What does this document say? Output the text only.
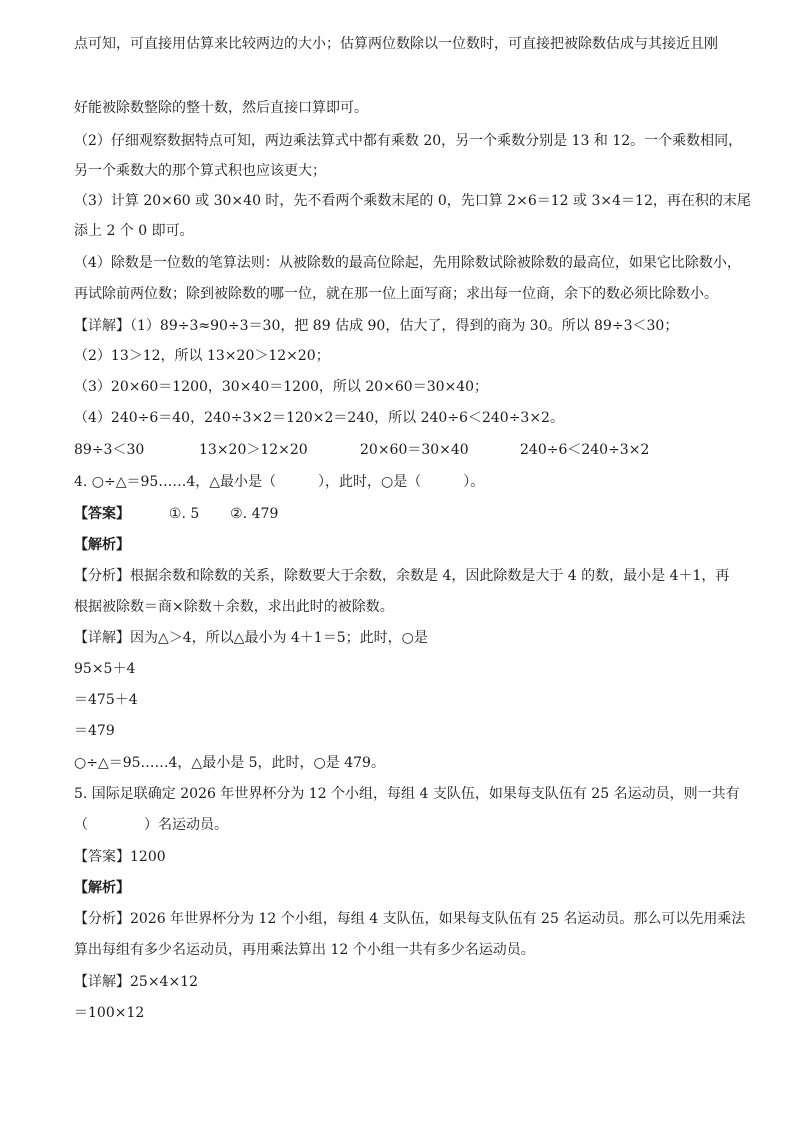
点可知，可直接用估算来比较两边的大小；估算两位数除以一位数时，可直接把被除数估成与其接近且刚
好能被除数整除的整十数，然后直接口算即可。
（2）仔细观察数据特点可知，两边乘法算式中都有乘数 20，另一个乘数分别是 13 和 12。一个乘数相同，
另一个乘数大的那个算式积也应该更大；
（3）计算 20×60 或 30×40 时，先不看两个乘数末尾的 0，先口算 2×6＝12 或 3×4＝12，再在积的末尾
添上 2 个 0 即可。
（4）除数是一位数的笔算法则：从被除数的最高位除起，先用除数试除被除数的最高位，如果它比除数小，
再试除前两位数；除到被除数的哪一位，就在那一位上面写商；求出每一位商，余下的数必须比除数小。
【详解】（1）89÷3≈90÷3＝30，把 89 估成 90，估大了，得到的商为 30。所以 89÷3＜30；
（2）13＞12，所以 13×20＞12×20；
（3）20×60＝1200，30×40＝1200，所以 20×60＝30×40；
（4）240÷6＝40，240÷3×2＝120×2＝240，所以 240÷6＜240÷3×2。
89÷3＜30	13×20＞12×20	20×60＝30×40	240÷6＜240÷3×2
4. ○÷△＝95……4，△最小是（　　　），此时，○是（　　　）。
【答案】	①. 5 ②. 479
【解析】
【分析】根据余数和除数的关系，除数要大于余数，余数是 4，因此除数是大于 4 的数，最小是 4＋1，再
根据被除数＝商×除数＋余数，求出此时的被除数。
【详解】因为△＞4，所以△最小为 4＋1＝5；此时，○是
95×5＋4
＝475＋4
＝479
○÷△＝95……4，△最小是 5，此时，○是 479。
5. 国际足联确定 2026 年世界杯分为 12 个小组，每组 4 支队伍，如果每支队伍有 25 名运动员，则一共有
（　　　　）名运动员。
【答案】1200
【解析】
【分析】2026 年世界杯分为 12 个小组，每组 4 支队伍，如果每支队伍有 25 名运动员。那么可以先用乘法
算出每组有多少名运动员，再用乘法算出 12 个小组一共有多少名运动员。
【详解】25×4×12
＝100×12
